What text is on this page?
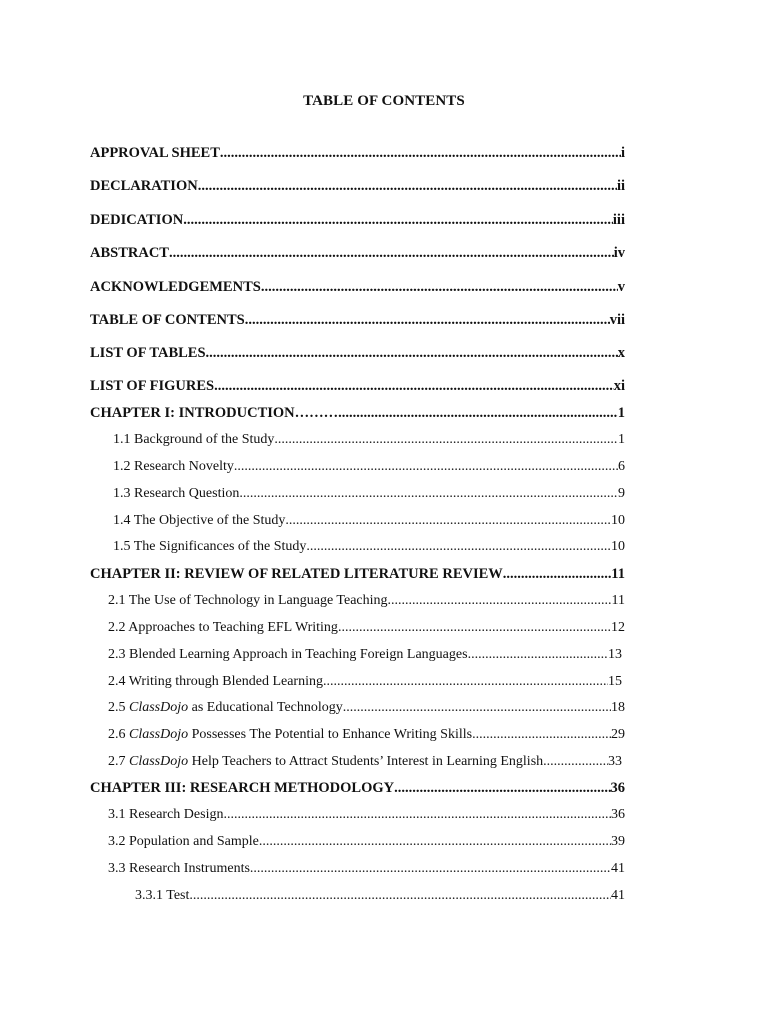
TABLE OF CONTENTS
APPROVAL SHEET .....	i
DECLARATION .....	ii
DEDICATION .....	iii
ABSTRACT .....	iv
ACKNOWLEDGEMENTS .....	v
TABLE OF CONTENTS .....	vii
LIST OF TABLES .....	x
LIST OF FIGURES .....	xi
CHAPTER I: INTRODUCTION……… .....	1
1.1 Background of the Study .....	1
1.2 Research Novelty .....	6
1.3 Research Question .....	9
1.4 The Objective of the Study .....	10
1.5 The Significances of the Study .....	10
CHAPTER II: REVIEW OF RELATED LITERATURE REVIEW .....	11
2.1 The Use of Technology in Language Teaching .....	11
2.2 Approaches to Teaching EFL Writing .....	12
2.3 Blended Learning Approach in Teaching Foreign Languages .....	13
2.4 Writing through Blended Learning .....	15
2.5 ClassDojo as Educational Technology .....	18
2.6 ClassDojo Possesses The Potential to Enhance Writing Skills .....	29
2.7 ClassDojo Help Teachers to Attract Students’ Interest in Learning English .....	33
CHAPTER III: RESEARCH METHODOLOGY .....	36
3.1 Research Design .....	36
3.2 Population and Sample .....	39
3.3 Research Instruments .....	41
3.3.1 Test .....	41
